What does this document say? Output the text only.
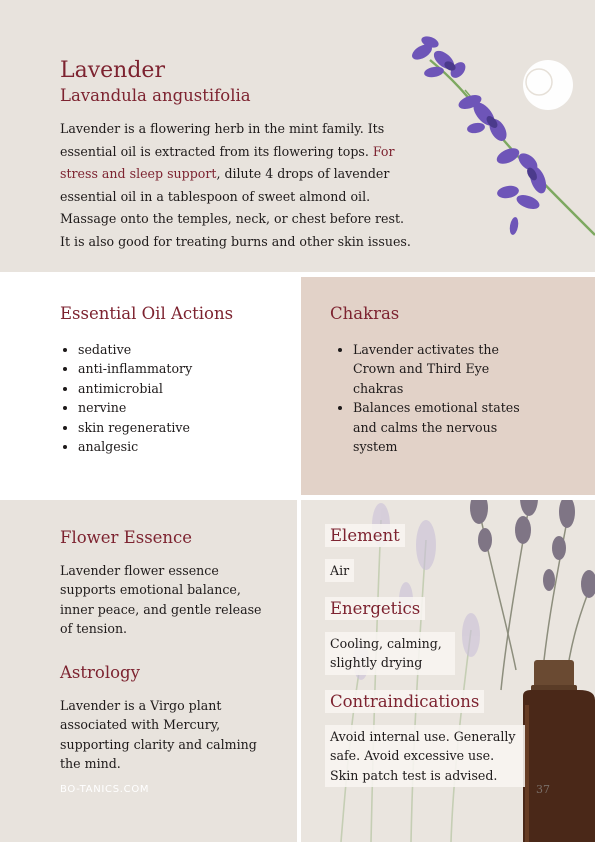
Lavender
Lavandula angustifolia

Lavender is a flowering herb in the mint family. Its essential oil is extracted from its flowering tops. For stress and sleep support, dilute 4 drops of lavender essential oil in a tablespoon of sweet almond oil. Massage onto the temples, neck, or chest before rest. It is also good for treating burns and other skin issues.

Essential Oil Actions
• sedative
• anti-inflammatory
• antimicrobial
• nervine
• skin regenerative
• analgesic
Chakras
• Lavender activates the Crown and Third Eye chakras
• Balances emotional states and calms the nervous system
Flower Essence

Lavender flower essence supports emotional balance, inner peace, and gentle release of tension.

Astrology

Lavender is a Virgo plant associated with Mercury, supporting clarity and calming the mind.

Element

Air

Energetics

Cooling, calming, slightly drying

Contraindications

Avoid internal use. Generally safe. Avoid excessive use. Skin patch test is advised.

BO-TANICS.COM	37
